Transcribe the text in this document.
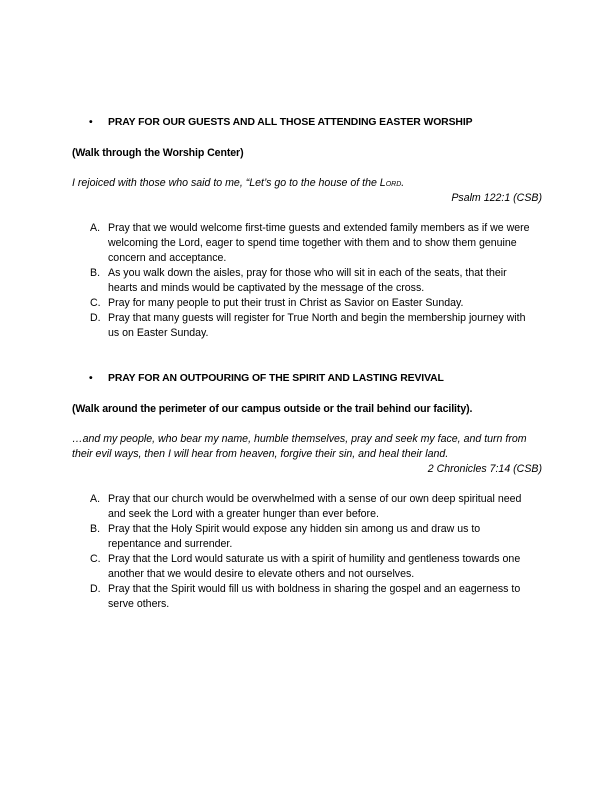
• PRAY FOR OUR GUESTS AND ALL THOSE ATTENDING EASTER WORSHIP
(Walk through the Worship Center)
I rejoiced with those who said to me, “Let’s go to the house of the Lord.
Psalm 122:1 (CSB)
A. Pray that we would welcome first-time guests and extended family members as if we were welcoming the Lord, eager to spend time together with them and to show them genuine concern and acceptance.
B. As you walk down the aisles, pray for those who will sit in each of the seats, that their hearts and minds would be captivated by the message of the cross.
C. Pray for many people to put their trust in Christ as Savior on Easter Sunday.
D. Pray that many guests will register for True North and begin the membership journey with us on Easter Sunday.
• PRAY FOR AN OUTPOURING OF THE SPIRIT AND LASTING REVIVAL
(Walk around the perimeter of our campus outside or the trail behind our facility).
…and my people, who bear my name, humble themselves, pray and seek my face, and turn from their evil ways, then I will hear from heaven, forgive their sin, and heal their land.
2 Chronicles 7:14 (CSB)
A. Pray that our church would be overwhelmed with a sense of our own deep spiritual need and seek the Lord with a greater hunger than ever before.
B. Pray that the Holy Spirit would expose any hidden sin among us and draw us to repentance and surrender.
C. Pray that the Lord would saturate us with a spirit of humility and gentleness towards one another that we would desire to elevate others and not ourselves.
D. Pray that the Spirit would fill us with boldness in sharing the gospel and an eagerness to serve others.
